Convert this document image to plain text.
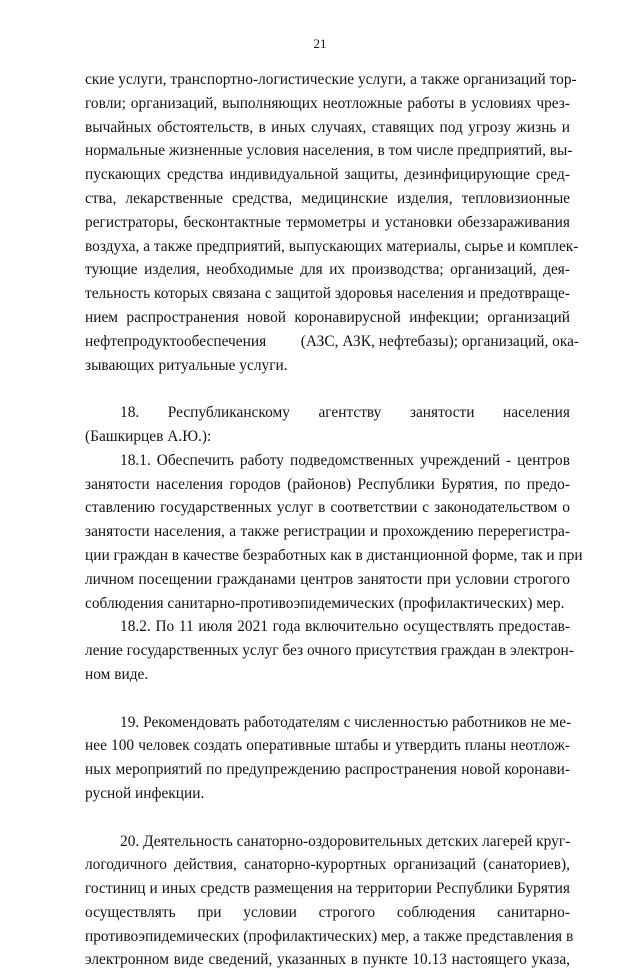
21
ские услуги, транспортно-логистические услуги, а также организаций тор-
говли; организаций, выполняющих неотложные работы в условиях чрез-
вычайных обстоятельств, в иных случаях, ставящих под угрозу жизнь и
нормальные жизненные условия населения, в том числе предприятий, вы-
пускающих средства индивидуальной защиты, дезинфицирующие сред-
ства, лекарственные средства, медицинские изделия, тепловизионные
регистраторы, бесконтактные термометры и установки обеззараживания
воздуха, а также предприятий, выпускающих материалы, сырье и комплек-
тующие изделия, необходимые для их производства; организаций, дея-
тельность которых связана с защитой здоровья населения и предотвраще-
нием распространения новой коронавирусной инфекции; организаций
нефтепродуктообеспечения         (АЗС, АЗК, нефтебазы); организаций, ока-
зывающих ритуальные услуги.
18.    Республиканскому    агентству    занятости    населения
(Башкирцев А.Ю.):
18.1. Обеспечить работу подведомственных учреждений - центров
занятости населения городов (районов) Республики Бурятия, по предо-
ставлению государственных услуг в соответствии с законодательством о
занятости населения, а также регистрации и прохождению перерегистра-
ции граждан в качестве безработных как в дистанционной форме, так и при
личном посещении гражданами центров занятости при условии строгого
соблюдения санитарно-противоэпидемических (профилактических) мер.
18.2. По 11 июля 2021 года включительно осуществлять предостав-
ление государственных услуг без очного присутствия граждан в электрон-
ном виде.
19. Рекомендовать работодателям с численностью работников не ме-
нее 100 человек создать оперативные штабы и утвердить планы неотлож-
ных мероприятий по предупреждению распространения новой коронави-
русной инфекции.
20. Деятельность санаторно-оздоровительных детских лагерей круг-
логодичного действия, санаторно-курортных организаций (санаториев),
гостиниц и иных средств размещения на территории Республики Бурятия
осуществлять    при    условии    строгого    соблюдения    санитарно-
противоэпидемических (профилактических) мер, а также представления в
электронном виде сведений, указанных в пункте 10.13 настоящего указа,
